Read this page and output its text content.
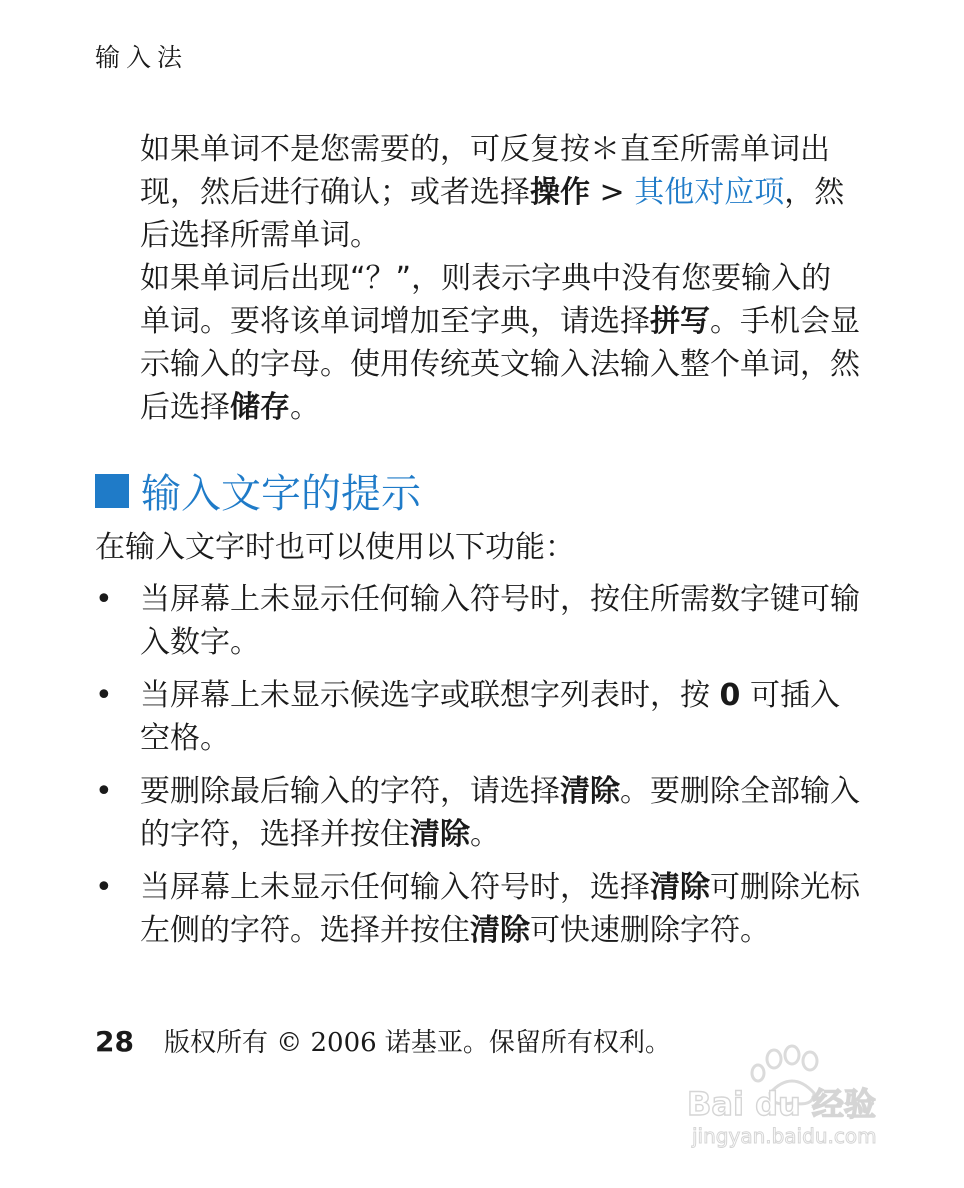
输入法
如果单词不是您需要的，可反复按＊直至所需单词出现，然后进行确认；或者选择操作 > 其他对应项，然后选择所需单词。
如果单词后出现“？”，则表示字典中没有您要输入的单词。要将该单词增加至字典，请选择拼写。手机会显示输入的字母。使用传统英文输入法输入整个单词，然后选择储存。
输入文字的提示
在输入文字时也可以使用以下功能：
• 当屏幕上未显示任何输入符号时，按住所需数字键可输入数字。
• 当屏幕上未显示候选字或联想字列表时，按 0 可插入空格。
• 要删除最后输入的字符，请选择清除。要删除全部输入的字符，选择并按住清除。
• 当屏幕上未显示任何输入符号时，选择清除可删除光标左侧的字符。选择并按住清除可快速删除字符。
28 版权所有 © 2006 诺基亚。保留所有权利。
Bai du 经验
jingyan.baidu.com
